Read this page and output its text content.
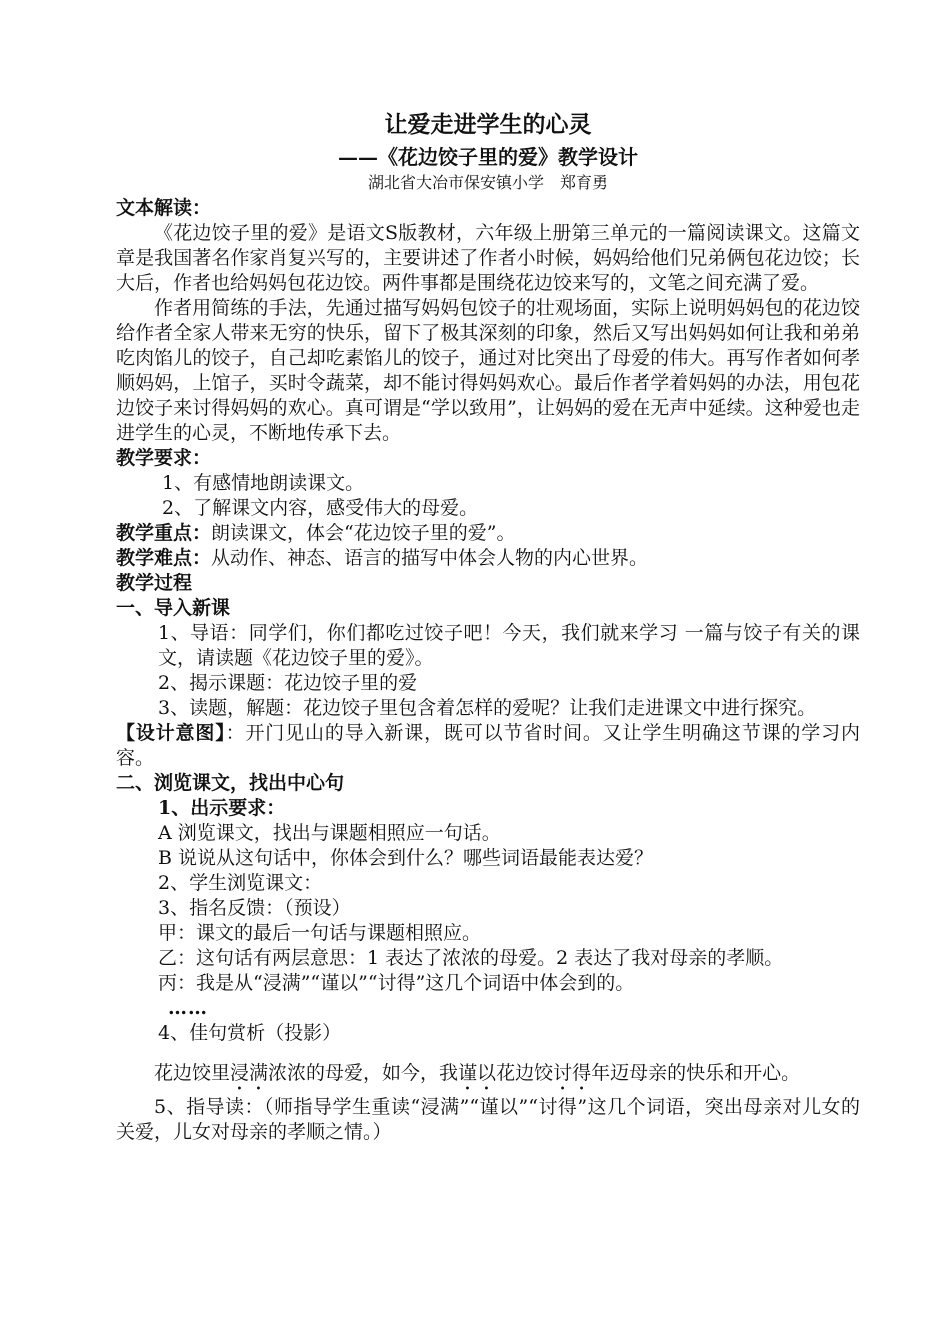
让爱走进学生的心灵

——《花边饺子里的爱》教学设计

湖北省大冶市保安镇小学　郑育勇

文本解读：

《花边饺子里的爱》是语文S版教材，六年级上册第三单元的一篇阅读课文。这篇文章是我国著名作家肖复兴写的，主要讲述了作者小时候，妈妈给他们兄弟俩包花边饺；长大后，作者也给妈妈包花边饺。两件事都是围绕花边饺来写的，文笔之间充满了爱。

作者用简练的手法，先通过描写妈妈包饺子的壮观场面，实际上说明妈妈包的花边饺给作者全家人带来无穷的快乐，留下了极其深刻的印象，然后又写出妈妈如何让我和弟弟吃肉馅儿的饺子，自己却吃素馅儿的饺子，通过对比突出了母爱的伟大。再写作者如何孝顺妈妈，上馆子，买时令蔬菜，却不能讨得妈妈欢心。最后作者学着妈妈的办法，用包花边饺子来讨得妈妈的欢心。真可谓是“学以致用”，让妈妈的爱在无声中延续。这种爱也走进学生的心灵，不断地传承下去。

教学要求：

1、有感情地朗读课文。

2、了解课文内容，感受伟大的母爱。

教学重点：朗读课文，体会“花边饺子里的爱”。

教学难点：从动作、神态、语言的描写中体会人物的内心世界。

教学过程

一、导入新课

1、导语：同学们，你们都吃过饺子吧！今天，我们就来学习 一篇与饺子有关的课文，请读题《花边饺子里的爱》。

2、揭示课题：花边饺子里的爱

3、读题，解题：花边饺子里包含着怎样的爱呢？让我们走进课文中进行探究。

【设计意图】：开门见山的导入新课，既可以节省时间。又让学生明确这节课的学习内容。

二、浏览课文，找出中心句

1、出示要求：

A 浏览课文，找出与课题相照应一句话。

B 说说从这句话中，你体会到什么？哪些词语最能表达爱？

2、学生浏览课文：

3、指名反馈：（预设）

甲：课文的最后一句话与课题相照应。

乙：这句话有两层意思：1 表达了浓浓的母爱。2 表达了我对母亲的孝顺。

丙：我是从“浸满”“谨以”“讨得”这几个词语中体会到的。

……

4、佳句赏析（投影）

花边饺里浸满浓浓的母爱，如今，我谨以花边饺讨得年迈母亲的快乐和开心。

5、指导读：（师指导学生重读“浸满”“谨以”“讨得”这几个词语，突出母亲对儿女的关爱，儿女对母亲的孝顺之情。）
